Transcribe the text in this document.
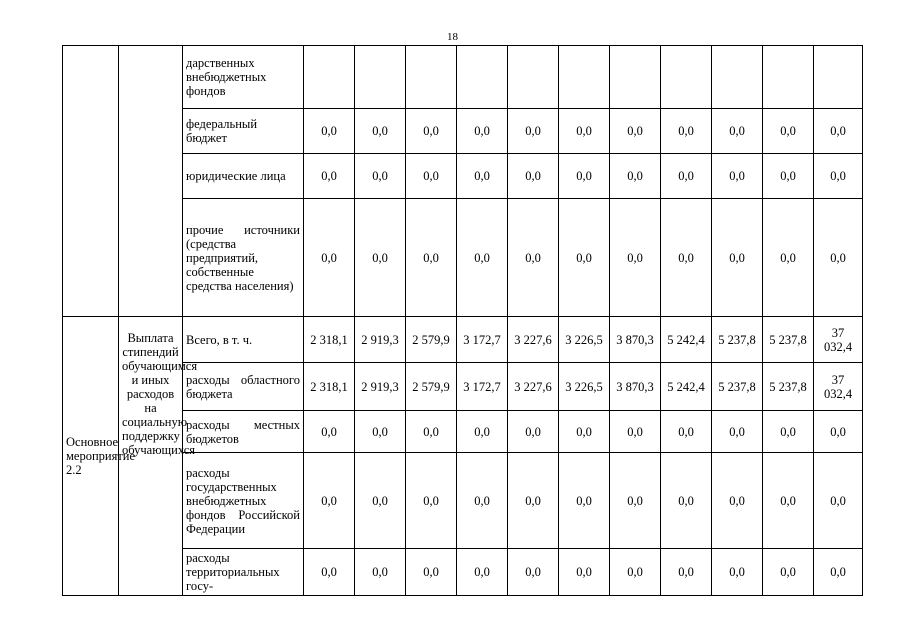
18

		дарственных внебюджетных фондов											

		федеральный бюджет	0,0	0,0	0,0	0,0	0,0	0,0	0,0	0,0	0,0	0,0	0,0

		юридические лица	0,0	0,0	0,0	0,0	0,0	0,0	0,0	0,0	0,0	0,0	0,0

		прочие источники (средства предприятий, собственные средства населения)	0,0	0,0	0,0	0,0	0,0	0,0	0,0	0,0	0,0	0,0	0,0

Основное мероприятие 2.2	Выплата стипендий обучающимся и иных расходов на социальную поддержку обучающихся	Всего, в т. ч.	2 318,1	2 919,3	2 579,9	3 172,7	3 227,6	3 226,5	3 870,3	5 242,4	5 237,8	5 237,8	37 032,4

		расходы областного бюджета	2 318,1	2 919,3	2 579,9	3 172,7	3 227,6	3 226,5	3 870,3	5 242,4	5 237,8	5 237,8	37 032,4

		расходы местных бюджетов	0,0	0,0	0,0	0,0	0,0	0,0	0,0	0,0	0,0	0,0	0,0

		расходы государственных внебюджетных фондов Российской Федерации	0,0	0,0	0,0	0,0	0,0	0,0	0,0	0,0	0,0	0,0	0,0

		расходы территориальных госу-	0,0	0,0	0,0	0,0	0,0	0,0	0,0	0,0	0,0	0,0	0,0
